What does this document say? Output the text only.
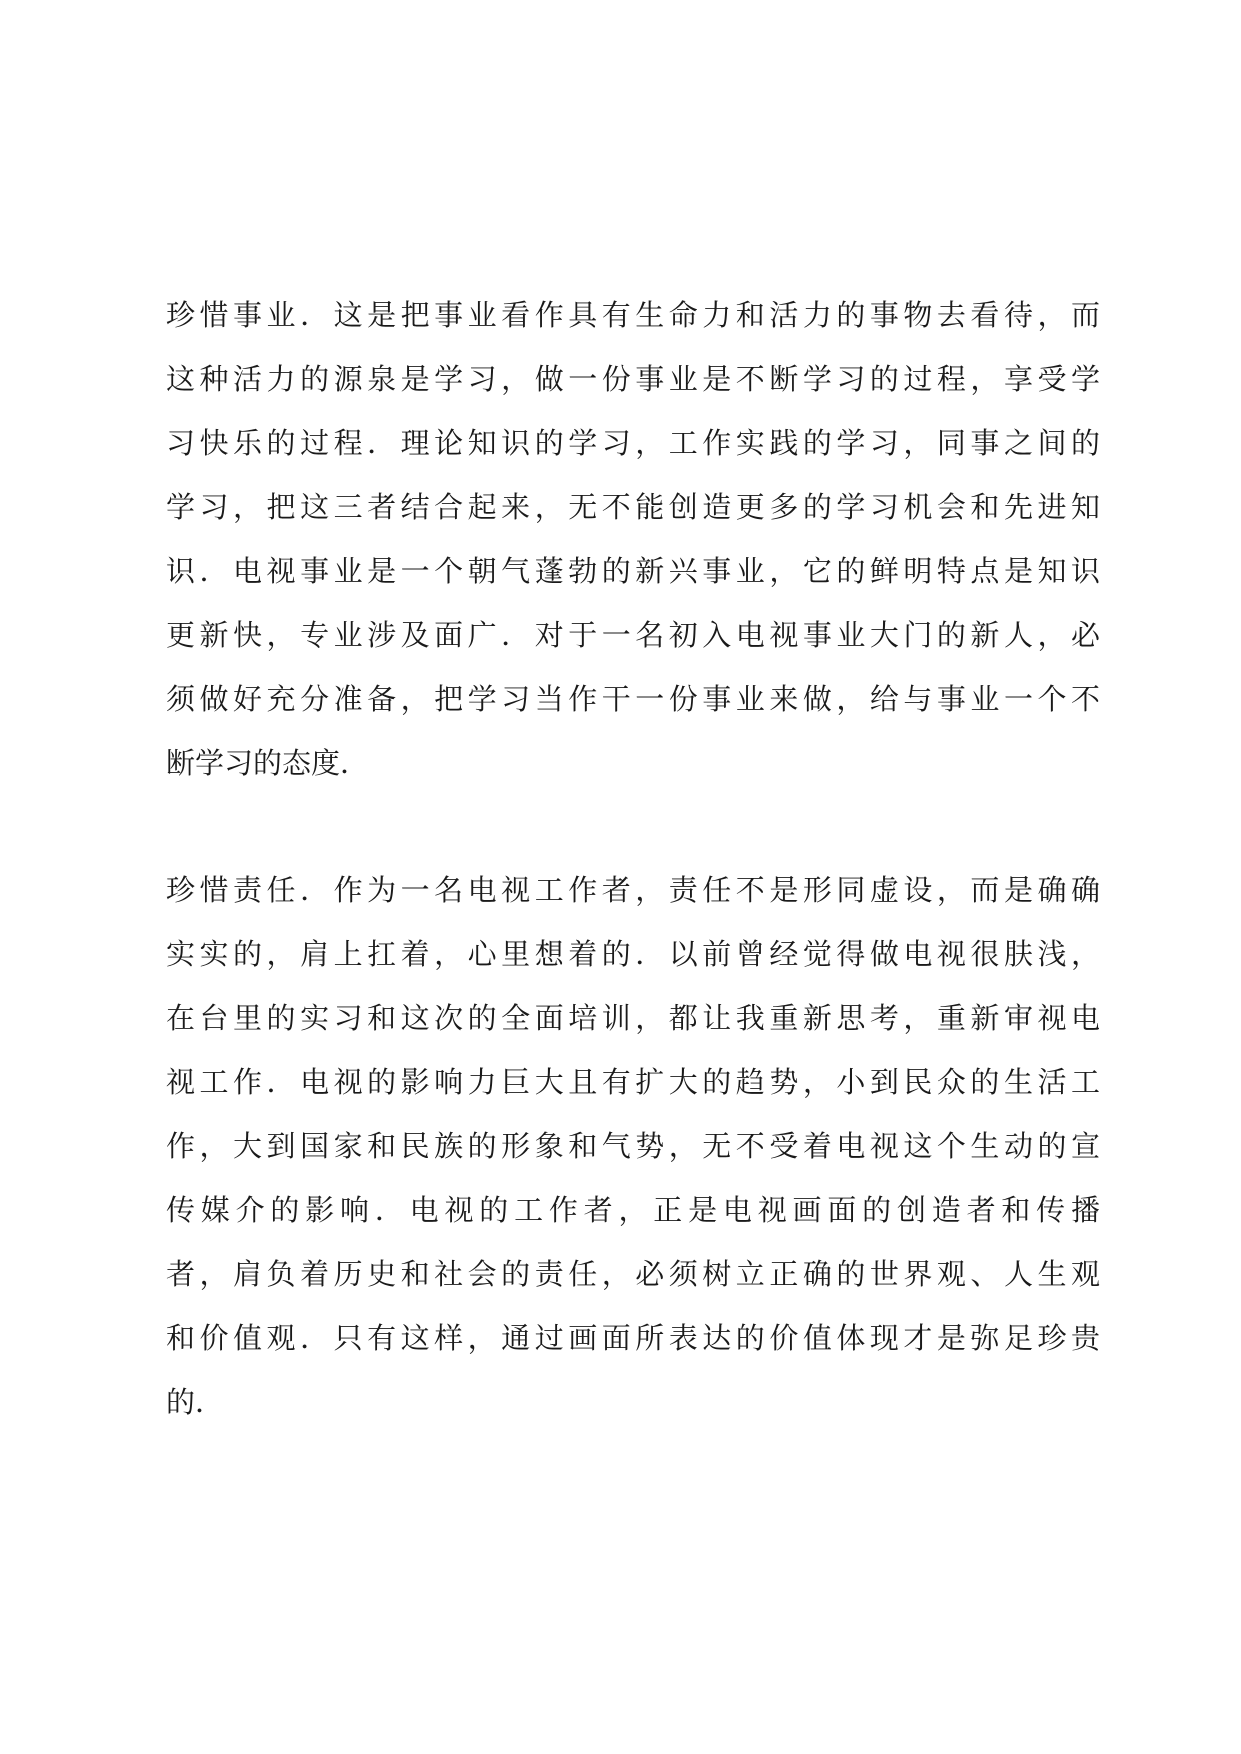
珍惜事业．这是把事业看作具有生命力和活力的事物去看待，而
这种活力的源泉是学习，做一份事业是不断学习的过程，享受学
习快乐的过程．理论知识的学习，工作实践的学习，同事之间的
学习，把这三者结合起来，无不能创造更多的学习机会和先进知
识．电视事业是一个朝气蓬勃的新兴事业，它的鲜明特点是知识
更新快，专业涉及面广．对于一名初入电视事业大门的新人，必
须做好充分准备，把学习当作干一份事业来做，给与事业一个不
断学习的态度．
珍惜责任．作为一名电视工作者，责任不是形同虚设，而是确确
实实的，肩上扛着，心里想着的．以前曾经觉得做电视很肤浅，
在台里的实习和这次的全面培训，都让我重新思考，重新审视电
视工作．电视的影响力巨大且有扩大的趋势，小到民众的生活工
作，大到国家和民族的形象和气势，无不受着电视这个生动的宣
传媒介的影响．电视的工作者，正是电视画面的创造者和传播
者，肩负着历史和社会的责任，必须树立正确的世界观、人生观
和价值观．只有这样，通过画面所表达的价值体现才是弥足珍贵
的．
